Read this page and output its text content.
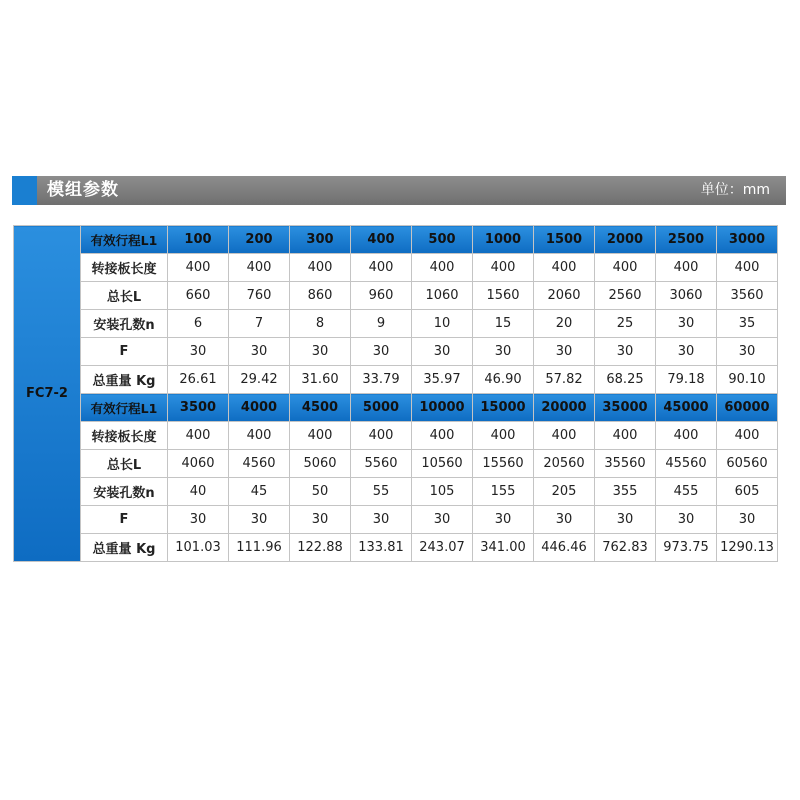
模组参数	单位：mm
FC7-2	有效行程L1	100	200	300	400	500	1000	1500	2000	2500	3000
	转接板长度	400	400	400	400	400	400	400	400	400	400
	总长L	660	760	860	960	1060	1560	2060	2560	3060	3560
	安装孔数n	6	7	8	9	10	15	20	25	30	35
	F	30	30	30	30	30	30	30	30	30	30
	总重量 Kg	26.61	29.42	31.60	33.79	35.97	46.90	57.82	68.25	79.18	90.10
	有效行程L1	3500	4000	4500	5000	10000	15000	20000	35000	45000	60000
	转接板长度	400	400	400	400	400	400	400	400	400	400
	总长L	4060	4560	5060	5560	10560	15560	20560	35560	45560	60560
	安装孔数n	40	45	50	55	105	155	205	355	455	605
	F	30	30	30	30	30	30	30	30	30	30
	总重量 Kg	101.03	111.96	122.88	133.81	243.07	341.00	446.46	762.83	973.75	1290.13
